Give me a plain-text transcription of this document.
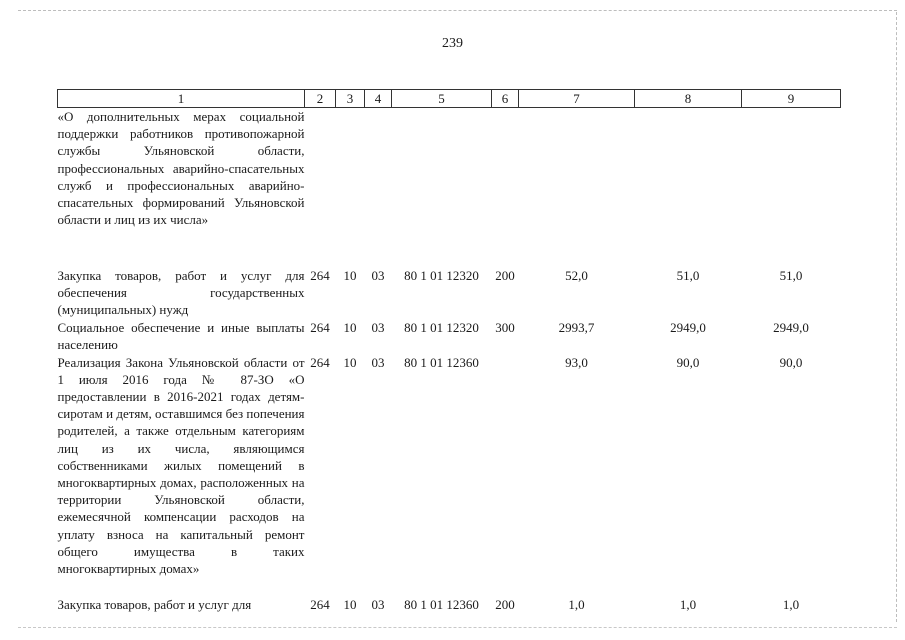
239
1	2	3	4	5	6	7	8	9
«О дополнительных мерах социальной поддержки работников противопожарной службы Ульяновской области, профессиональных аварийно-спасательных служб и профессиональных аварийно-спасательных формирований Ульяновской области и лиц из их числа»								
Закупка товаров, работ и услуг для обеспечения государственных (муниципальных) нужд	264	10	03	80 1 01 12320	200	52,0	51,0	51,0
Социальное обеспечение и иные выплаты населению	264	10	03	80 1 01 12320	300	2993,7	2949,0	2949,0
Реализация Закона Ульяновской области от 1 июля 2016 года № 87-ЗО «О предоставлении в 2016-2021 годах детям-сиротам и детям, оставшимся без попечения родителей, а также отдельным категориям лиц из их числа, являющимся собственниками жилых помещений в многоквартирных домах, расположенных на территории Ульяновской области, ежемесячной компенсации расходов на уплату взноса на капитальный ремонт общего имущества в таких многоквартирных домах»	264	10	03	80 1 01 12360		93,0	90,0	90,0
Закупка товаров, работ и услуг для	264	10	03	80 1 01 12360	200	1,0	1,0	1,0
